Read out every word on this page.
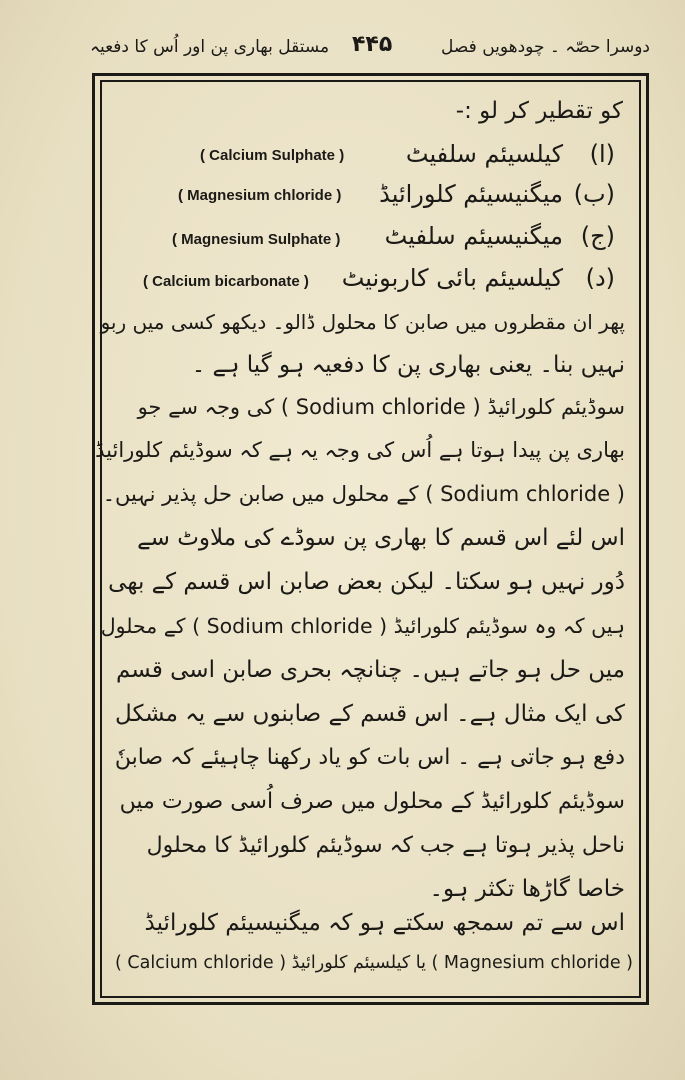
دوسرا حصّہ ۔ چودھویں فصل
۴۴۵
مستقل بھاری پن اور اُس کا دفعیہ
کو تقطیر کر لو :-
(ا)
کیلسیئم سلفیٹ
( Calcium Sulphate )
(ب)
میگنیسیئم کلورائیڈ
( Magnesium chloride )
(ج)
میگنیسیئم سلفیٹ
( Magnesium Sulphate )
(د)
کیلسیئم بائی کاربونیٹ
( Calcium bicarbonate )
پھر ان مقطروں میں صابن کا محلول ڈالو۔ دیکھو کسی میں ربو
نہیں بنا۔ یعنی بھاری پن کا دفعیہ ہو گیا ہے ۔
سوڈیئم کلورائیڈ ( Sodium chloride ) کی وجہ سے جو
بھاری پن پیدا ہوتا ہے اُس کی وجہ یہ ہے کہ سوڈیئم کلورائیڈ
( Sodium chloride ) کے محلول میں صابن حل پذیر نہیں۔
اس لئے اس قسم کا بھاری پن سوڈے کی ملاوٹ سے
دُور نہیں ہو سکتا۔ لیکن بعض صابن اس قسم کے بھی
ہیں کہ وہ سوڈیئم کلورائیڈ ( Sodium chloride ) کے محلول
میں حل ہو جاتے ہیں۔ چنانچہ بحری صابن اسی قسم
کی ایک مثال ہے۔ اس قسم کے صابنوں سے یہ مشکل
دفع ہو جاتی ہے ۔ اس بات کو یاد رکھنا چاہیئے کہ صابنٗ
سوڈیئم کلورائیڈ کے محلول میں صرف اُسی صورت میں
ناحل پذیر ہوتا ہے جب کہ سوڈیئم کلورائیڈ کا محلول
خاصا گاڑھا تکثر ہو۔
اس سے تم سمجھ سکتے ہو کہ میگنیسیئم کلورائیڈ
( Magnesium chloride ) یا کیلسیئم کلورائیڈ ( Calcium chloride )
